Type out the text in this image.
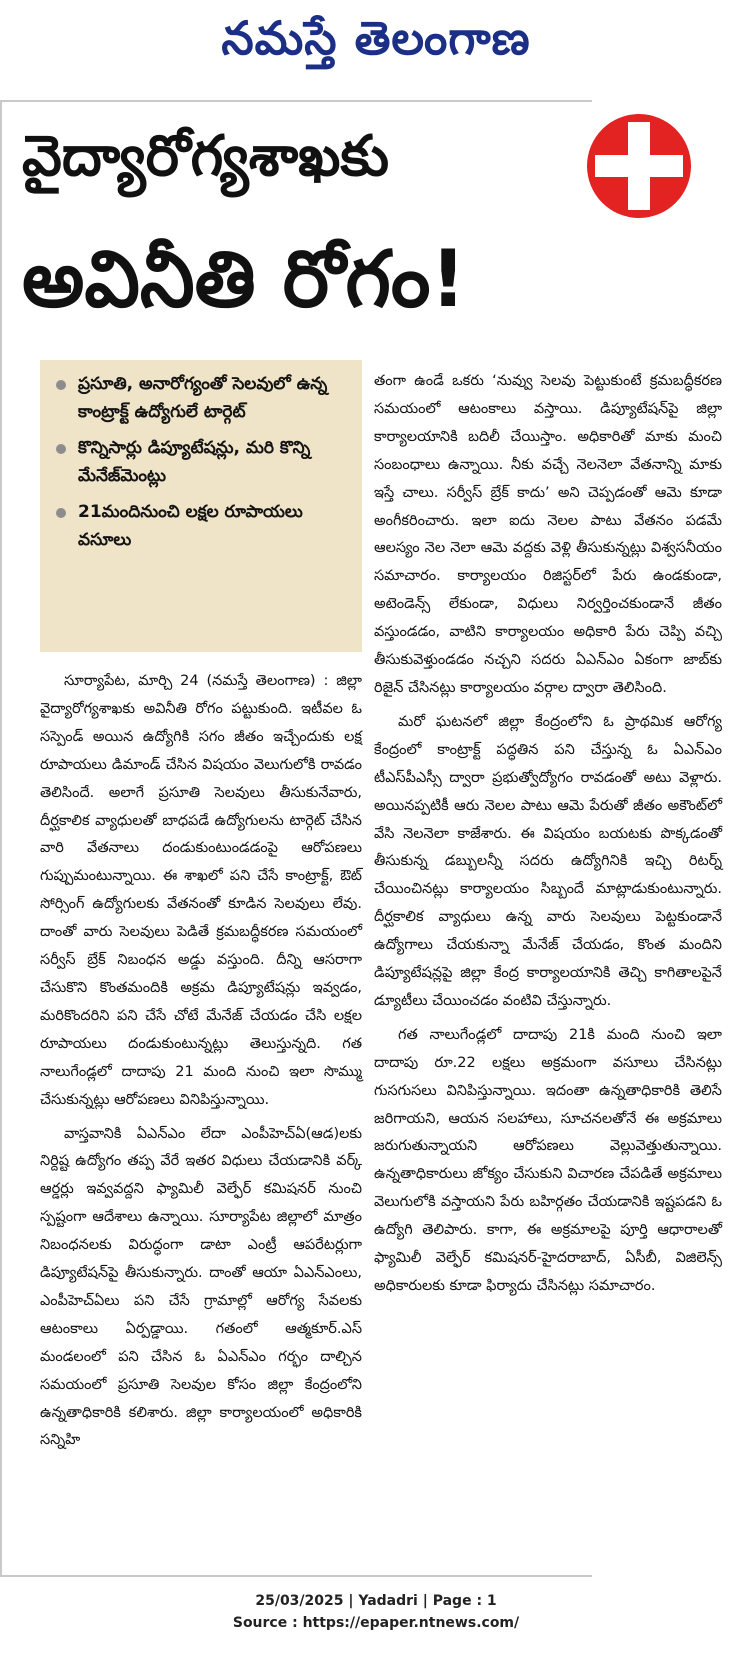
నమస్తే తెలంగాణ
వైద్యారోగ్యశాఖకు
అవినీతి రోగం!
ప్రసూతి, అనారోగ్యంతో సెలవులో ఉన్న కాంట్రాక్ట్ ఉద్యోగులే టార్గెట్
కొన్నిసార్లు డిప్యూటేషన్లు, మరి కొన్ని మేనేజ్‌మెంట్లు
21మందినుంచి లక్షల రూపాయలు వసూలు

సూర్యాపేట, మార్చి 24 (నమస్తే తెలంగాణ) : జిల్లా వైద్యారోగ్యశాఖకు అవినీతి రోగం పట్టుకుంది. ఇటీవల ఓ సస్పెండ్ అయిన ఉద్యోగికి సగం జీతం ఇచ్చేందుకు లక్ష రూపాయలు డిమాండ్ చేసిన విషయం వెలుగులోకి రావడం తెలిసిందే. అలాగే ప్రసూతి సెలవులు తీసుకునేవారు, దీర్ఘకాలిక వ్యాధులతో బాధపడే ఉద్యోగులను టార్గెట్ చేసిన వారి వేతనాలు దండుకుంటుండడంపై ఆరోపణలు గుప్పుమంటున్నాయి. ఈ శాఖలో పని చేసే కాంట్రాక్ట్, ఔట్ సోర్సింగ్ ఉద్యోగులకు వేతనంతో కూడిన సెలవులు లేవు. దాంతో వారు సెలవులు పెడితే క్రమబద్ధీకరణ సమయంలో సర్వీస్ బ్రేక్ నిబంధన అడ్డు వస్తుంది. దీన్ని ఆసరాగా చేసుకొని కొంతమందికి అక్రమ డిప్యూటేషన్లు ఇవ్వడం, మరికొందరిని పని చేసే చోటే మేనేజ్ చేయడం చేసి లక్షల రూపాయలు దండుకుంటున్నట్లు తెలుస్తున్నది. గత నాలుగేండ్లలో దాదాపు 21 మంది నుంచి ఇలా సొమ్ము చేసుకున్నట్లు ఆరోపణలు వినిపిస్తున్నాయి.

వాస్తవానికి ఏఎన్ఎం లేదా ఎంపీహెచ్ఏ(ఆడ)లకు నిర్దిష్ట ఉద్యోగం తప్ప వేరే ఇతర విధులు చేయడానికి వర్క్ ఆర్డర్లు ఇవ్వవద్దని ఫ్యామిలీ వెల్ఫేర్ కమిషనర్ నుంచి స్పష్టంగా ఆదేశాలు ఉన్నాయి. సూర్యాపేట జిల్లాలో మాత్రం నిబంధనలకు విరుద్ధంగా డాటా ఎంట్రీ ఆపరేటర్లుగా డిప్యూటేషన్‌పై తీసుకున్నారు. దాంతో ఆయా ఏఎన్ఎంలు, ఎంపీహెచ్ఏలు పని చేసే గ్రామాల్లో ఆరోగ్య సేవలకు ఆటంకాలు ఏర్పడ్డాయి. గతంలో ఆత్మకూర్.ఎస్ మండలంలో పని చేసిన ఓ ఏఎన్ఎం గర్భం దాల్చిన సమయంలో ప్రసూతి సెలవుల కోసం జిల్లా కేంద్రంలోని ఉన్నతాధికారికి కలిశారు. జిల్లా కార్యాలయంలో అధికారికి సన్నిహి

తంగా ఉండే ఒకరు ‘నువ్వు సెలవు పెట్టుకుంటే క్రమబద్ధీకరణ సమయంలో ఆటంకాలు వస్తాయి. డిప్యూటేషన్‌పై జిల్లా కార్యాలయానికి బదిలీ చేయిస్తాం. అధికారితో మాకు మంచి సంబంధాలు ఉన్నాయి. నీకు వచ్చే నెలనెలా వేతనాన్ని మాకు ఇస్తే చాలు. సర్వీస్ బ్రేక్ కాదు’ అని చెప్పడంతో ఆమె కూడా అంగీకరించారు. ఇలా ఐదు నెలల పాటు వేతనం పడమే ఆలస్యం నెల నెలా ఆమె వద్దకు వెళ్లి తీసుకున్నట్లు విశ్వసనీయం సమాచారం. కార్యాలయం రిజిస్టర్‌లో పేరు ఉండకుండా, అటెండెన్స్ లేకుండా, విధులు నిర్వర్తించకుండానే జీతం వస్తుండడం, వాటిని కార్యాలయం అధికారి పేరు చెప్పి వచ్చి తీసుకువెళ్తుండడం నచ్చని సదరు ఏఎన్ఎం ఏకంగా జాబ్‌కు రిజైన్ చేసినట్లు కార్యాలయం వర్గాల ద్వారా తెలిసింది.

మరో ఘటనలో జిల్లా కేంద్రంలోని ఓ ప్రాథమిక ఆరోగ్య కేంద్రంలో కాంట్రాక్ట్ పద్ధతిన పని చేస్తున్న ఓ ఏఎన్ఎం టీఎస్‌పీఎస్సీ ద్వారా ప్రభుత్వోద్యోగం రావడంతో అటు వెళ్లారు. అయినప్పటికీ ఆరు నెలల పాటు ఆమె పేరుతో జీతం అకౌంట్‌లో వేసి నెలనెలా కాజేశారు. ఈ విషయం బయటకు పొక్కడంతో తీసుకున్న డబ్బులన్నీ సదరు ఉద్యోగినికి ఇచ్చి రిటర్న్ చేయించినట్లు కార్యాలయం సిబ్బందే మాట్లాడుకుంటున్నారు. దీర్ఘకాలిక వ్యాధులు ఉన్న వారు సెలవులు పెట్టకుండానే ఉద్యోగాలు చేయకున్నా మేనేజ్ చేయడం, కొంత మందిని డిప్యూటేషన్లపై జిల్లా కేంద్ర కార్యాలయానికి తెచ్చి కాగితాలపైనే డ్యూటీలు చేయించడం వంటివి చేస్తున్నారు.

గత నాలుగేండ్లలో దాదాపు 21కి మంది నుంచి ఇలా దాదాపు రూ.22 లక్షలు అక్రమంగా వసూలు చేసినట్లు గుసగుసలు వినిపిస్తున్నాయి. ఇదంతా ఉన్నతాధికారికి తెలిసే జరిగాయని, ఆయన సలహాలు, సూచనలతోనే ఈ అక్రమాలు జరుగుతున్నాయని ఆరోపణలు వెల్లువెత్తుతున్నాయి. ఉన్నతాధికారులు జోక్యం చేసుకుని విచారణ చేపడితే అక్రమాలు వెలుగులోకి వస్తాయని పేరు బహిర్గతం చేయడానికి ఇష్టపడని ఓ ఉద్యోగి తెలిపారు. కాగా, ఈ అక్రమాలపై పూర్తి ఆధారాలతో ఫ్యామిలీ వెల్ఫేర్ కమిషనర్-హైదరాబాద్, ఏసీబీ, విజిలెన్స్ అధికారులకు కూడా ఫిర్యాదు చేసినట్లు సమాచారం.

25/03/2025 | Yadadri | Page : 1
Source : https://epaper.ntnews.com/
